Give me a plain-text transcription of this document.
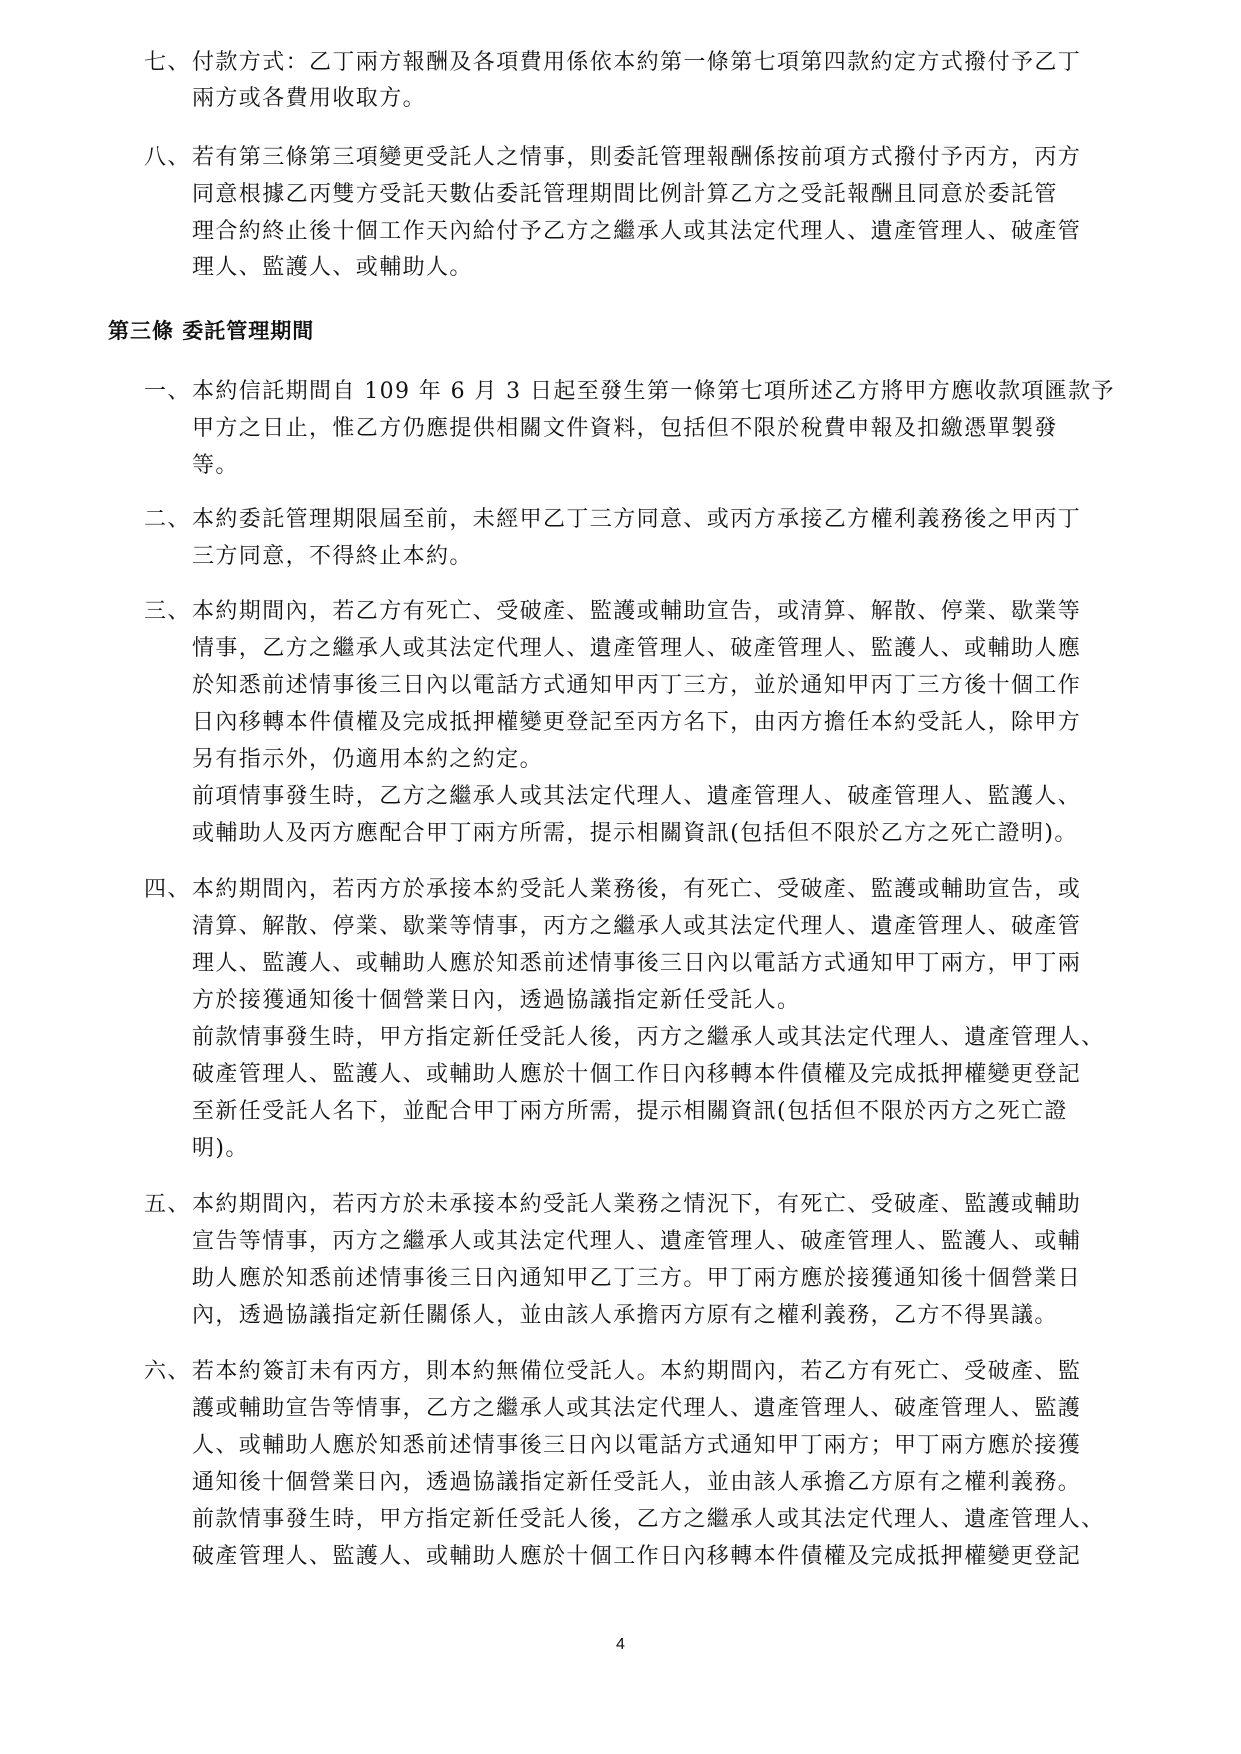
七、 付款方式：乙丁兩方報酬及各項費用係依本約第一條第七項第四款約定方式撥付予乙丁
兩方或各費用收取方。
八、 若有第三條第三項變更受託人之情事，則委託管理報酬係按前項方式撥付予丙方，丙方
同意根據乙丙雙方受託天數佔委託管理期間比例計算乙方之受託報酬且同意於委託管
理合約終止後十個工作天內給付予乙方之繼承人或其法定代理人、遺產管理人、破產管
理人、監護人、或輔助人。
第三條 委託管理期間
一、 本約信託期間自 109 年 6 月 3 日起至發生第一條第七項所述乙方將甲方應收款項匯款予
甲方之日止，惟乙方仍應提供相關文件資料，包括但不限於稅費申報及扣繳憑單製發
等。
二、 本約委託管理期限屆至前，未經甲乙丁三方同意、或丙方承接乙方權利義務後之甲丙丁
三方同意，不得終止本約。
三、 本約期間內，若乙方有死亡、受破產、監護或輔助宣告，或清算、解散、停業、歇業等
情事，乙方之繼承人或其法定代理人、遺產管理人、破產管理人、監護人、或輔助人應
於知悉前述情事後三日內以電話方式通知甲丙丁三方，並於通知甲丙丁三方後十個工作
日內移轉本件債權及完成抵押權變更登記至丙方名下，由丙方擔任本約受託人，除甲方
另有指示外，仍適用本約之約定。
前項情事發生時，乙方之繼承人或其法定代理人、遺產管理人、破產管理人、監護人、
或輔助人及丙方應配合甲丁兩方所需，提示相關資訊(包括但不限於乙方之死亡證明)。
四、 本約期間內，若丙方於承接本約受託人業務後，有死亡、受破產、監護或輔助宣告，或
清算、解散、停業、歇業等情事，丙方之繼承人或其法定代理人、遺產管理人、破產管
理人、監護人、或輔助人應於知悉前述情事後三日內以電話方式通知甲丁兩方，甲丁兩
方於接獲通知後十個營業日內，透過協議指定新任受託人。
前款情事發生時，甲方指定新任受託人後，丙方之繼承人或其法定代理人、遺產管理人、
破產管理人、監護人、或輔助人應於十個工作日內移轉本件債權及完成抵押權變更登記
至新任受託人名下，並配合甲丁兩方所需，提示相關資訊(包括但不限於丙方之死亡證
明)。
五、 本約期間內，若丙方於未承接本約受託人業務之情況下，有死亡、受破產、監護或輔助
宣告等情事，丙方之繼承人或其法定代理人、遺產管理人、破產管理人、監護人、或輔
助人應於知悉前述情事後三日內通知甲乙丁三方。甲丁兩方應於接獲通知後十個營業日
內，透過協議指定新任關係人，並由該人承擔丙方原有之權利義務，乙方不得異議。
六、 若本約簽訂未有丙方，則本約無備位受託人。本約期間內，若乙方有死亡、受破產、監
護或輔助宣告等情事，乙方之繼承人或其法定代理人、遺產管理人、破產管理人、監護
人、或輔助人應於知悉前述情事後三日內以電話方式通知甲丁兩方；甲丁兩方應於接獲
通知後十個營業日內，透過協議指定新任受託人，並由該人承擔乙方原有之權利義務。
前款情事發生時，甲方指定新任受託人後，乙方之繼承人或其法定代理人、遺產管理人、
破產管理人、監護人、或輔助人應於十個工作日內移轉本件債權及完成抵押權變更登記
4
